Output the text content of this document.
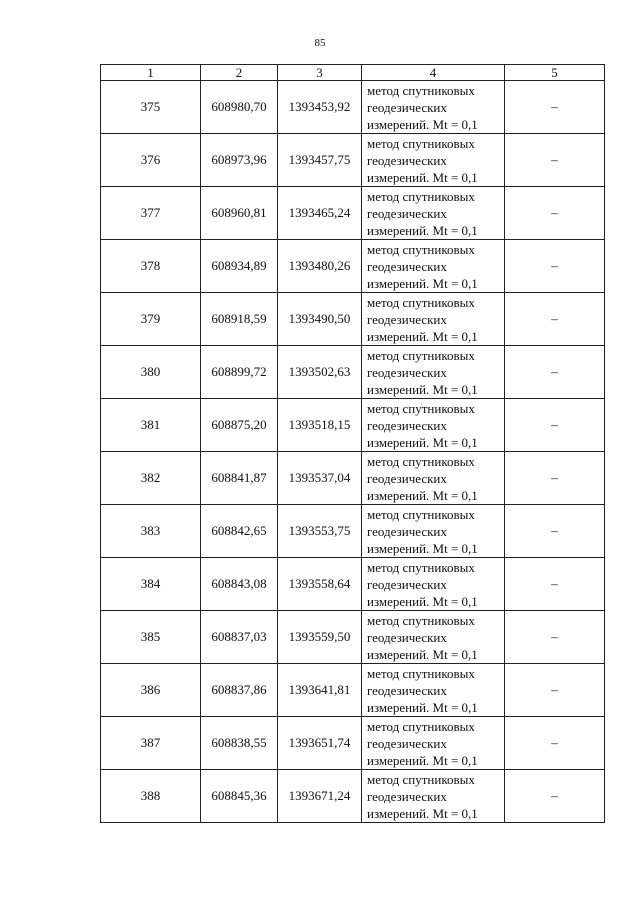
85
1	2	3	4	5
375	608980,70	1393453,92	метод спутниковых
геодезических
измерений. Mt = 0,1	–
376	608973,96	1393457,75	метод спутниковых
геодезических
измерений. Mt = 0,1	–
377	608960,81	1393465,24	метод спутниковых
геодезических
измерений. Mt = 0,1	–
378	608934,89	1393480,26	метод спутниковых
геодезических
измерений. Mt = 0,1	–
379	608918,59	1393490,50	метод спутниковых
геодезических
измерений. Mt = 0,1	–
380	608899,72	1393502,63	метод спутниковых
геодезических
измерений. Mt = 0,1	–
381	608875,20	1393518,15	метод спутниковых
геодезических
измерений. Mt = 0,1	–
382	608841,87	1393537,04	метод спутниковых
геодезических
измерений. Mt = 0,1	–
383	608842,65	1393553,75	метод спутниковых
геодезических
измерений. Mt = 0,1	–
384	608843,08	1393558,64	метод спутниковых
геодезических
измерений. Mt = 0,1	–
385	608837,03	1393559,50	метод спутниковых
геодезических
измерений. Mt = 0,1	–
386	608837,86	1393641,81	метод спутниковых
геодезических
измерений. Mt = 0,1	–
387	608838,55	1393651,74	метод спутниковых
геодезических
измерений. Mt = 0,1	–
388	608845,36	1393671,24	метод спутниковых
геодезических
измерений. Mt = 0,1	–
